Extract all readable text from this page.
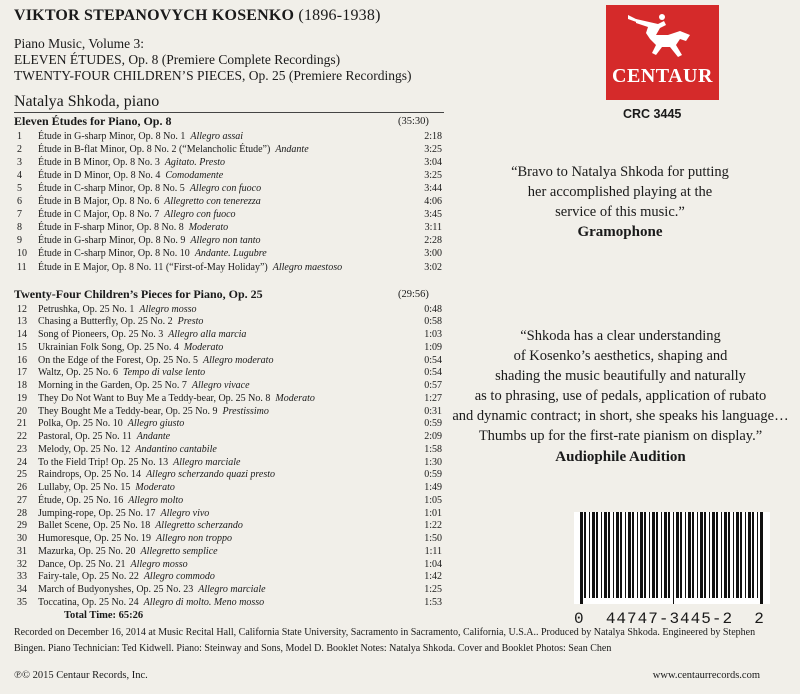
VIKTOR STEPANOVYCH KOSENKO (1896-1938)
Piano Music, Volume 3:
ELEVEN ÉTUDES, Op. 8 (Premiere Complete Recordings)
TWENTY-FOUR CHILDREN’S PIECES, Op. 25 (Premiere Recordings)
Natalya Shkoda, piano
Eleven Études for Piano, Op. 8	(35:30)
1	Étude in G-sharp Minor, Op. 8 No. 1 Allegro assai	2:18
2	Étude in B-flat Minor, Op. 8 No. 2 (“Melancholic Étude”) Andante	3:25
3	Étude in B Minor, Op. 8 No. 3 Agitato. Presto	3:04
4	Étude in D Minor, Op. 8 No. 4 Comodamente	3:25
5	Étude in C-sharp Minor, Op. 8 No. 5 Allegro con fuoco	3:44
6	Étude in B Major, Op. 8 No. 6 Allegretto con tenerezza	4:06
7	Étude in C Major, Op. 8 No. 7 Allegro con fuoco	3:45
8	Étude in F-sharp Minor, Op. 8 No. 8 Moderato	3:11
9	Étude in G-sharp Minor, Op. 8 No. 9 Allegro non tanto	2:28
10	Étude in C-sharp Minor, Op. 8 No. 10 Andante. Lugubre	3:00
11	Étude in E Major, Op. 8 No. 11 (“First-of-May Holiday”) Allegro maestoso	3:02
Twenty-Four Children’s Pieces for Piano, Op. 25	(29:56)
12	Petrushka, Op. 25 No. 1 Allegro mosso	0:48
13	Chasing a Butterfly, Op. 25 No. 2 Presto	0:58
14	Song of Pioneers, Op. 25 No. 3 Allegro alla marcia	1:03
15	Ukrainian Folk Song, Op. 25 No. 4 Moderato	1:09
16	On the Edge of the Forest, Op. 25 No. 5 Allegro moderato	0:54
17	Waltz, Op. 25 No. 6 Tempo di valse lento	0:54
18	Morning in the Garden, Op. 25 No. 7 Allegro vivace	0:57
19	They Do Not Want to Buy Me a Teddy-bear, Op. 25 No. 8 Moderato	1:27
20	They Bought Me a Teddy-bear, Op. 25 No. 9 Prestissimo	0:31
21	Polka, Op. 25 No. 10 Allegro giusto	0:59
22	Pastoral, Op. 25 No. 11 Andante	2:09
23	Melody, Op. 25 No. 12 Andantino cantabile	1:58
24	To the Field Trip! Op. 25 No. 13 Allegro marciale	1:30
25	Raindrops, Op. 25 No. 14 Allegro scherzando quazi presto	0:59
26	Lullaby, Op. 25 No. 15 Moderato	1:49
27	Étude, Op. 25 No. 16 Allegro molto	1:05
28	Jumping-rope, Op. 25 No. 17 Allegro vivo	1:01
29	Ballet Scene, Op. 25 No. 18 Allegretto scherzando	1:22
30	Humoresque, Op. 25 No. 19 Allegro non troppo	1:50
31	Mazurka, Op. 25 No. 20 Allegretto semplice	1:11
32	Dance, Op. 25 No. 21 Allegro mosso	1:04
33	Fairy-tale, Op. 25 No. 22 Allegro commodo	1:42
34	March of Budyonyshes, Op. 25 No. 23 Allegro marciale	1:25
35	Toccatina, Op. 25 No. 24 Allegro di molto. Meno mosso	1:53
Total Time: 65:26
Recorded on December 16, 2014 at Music Recital Hall, California State University, Sacramento in Sacramento, California, U.S.A.. Produced by Natalya Shkoda. Engineered by Stephen Bingen. Piano Technician: Ted Kidwell. Piano: Steinway and Sons, Model D. Booklet Notes: Natalya Shkoda. Cover and Booklet Photos: Sean Chen
℗© 2015 Centaur Records, Inc.	www.centaurrecords.com
CENTAUR
CRC 3445
“Bravo to Natalya Shkoda for putting
her accomplished playing at the
service of this music.”
Gramophone
“Shkoda has a clear understanding
of Kosenko’s aesthetics, shaping and
shading the music beautifully and naturally
as to phrasing, use of pedals, application of rubato
and dynamic contract; in short, she speaks his language…
Thumbs up for the first-rate pianism on display.”
Audiophile Audition
0 44747-3445-2 2
